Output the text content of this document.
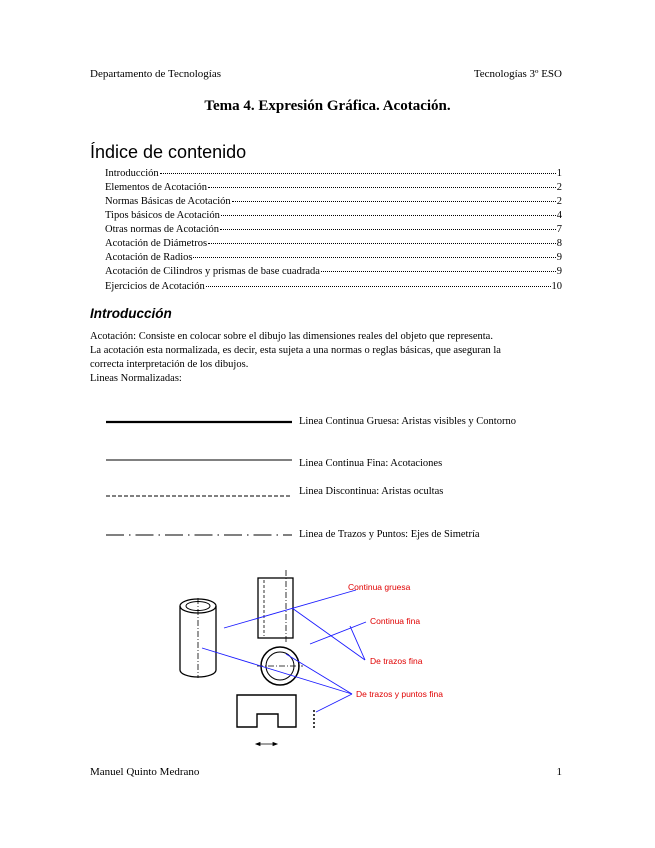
Departamento de Tecnologías	Tecnologías 3º ESO
Tema 4. Expresión Gráfica. Acotación.
Índice de contenido
Introducción	1
Elementos de Acotación	2
Normas Básicas de Acotación	2
Tipos básicos de Acotación	4
Otras normas de Acotación	7
Acotación de Diámetros	8
Acotación de Radios	9
Acotación de Cilindros y prismas de base cuadrada	9
Ejercicios de Acotación	10
Introducción
Acotación: Consiste en colocar sobre el dibujo las dimensiones reales del objeto que representa.
La acotación esta normalizada, es decir, esta sujeta a una normas o reglas básicas, que aseguran la
correcta interpretación de los dibujos.
Lineas Normalizadas:
Linea Continua Gruesa: Aristas visibles y Contorno
Linea Continua Fina: Acotaciones
Linea Discontinua: Aristas ocultas
Linea de Trazos y Puntos: Ejes de Simetría
Continua gruesa
Continua fina
De trazos fina
De trazos y puntos fina
Manuel Quinto Medrano	1
